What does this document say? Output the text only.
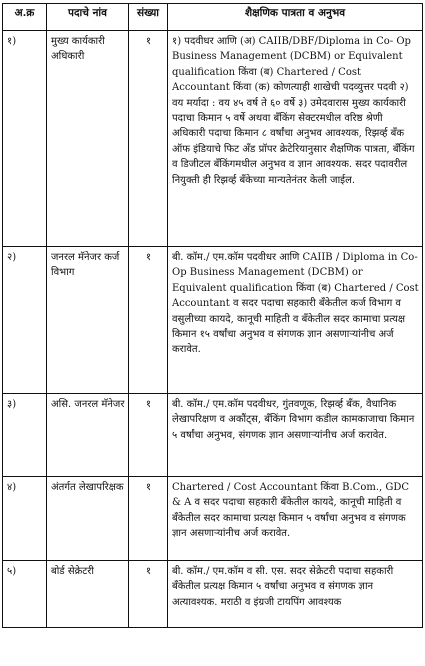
अ.क्र	पदाचे नांव	संख्या	शैक्षणिक पात्रता व अनुभव
१)	मुख्य कार्यकारी अधिकारी	१	१) पदवीधर आणि (अ) CAIIB/DBF/Diploma in Co- Op Business Management (DCBM) or Equivalent qualification किंवा (ब) Chartered / Cost Accountant किंवा (क) कोणत्याही शाखेची पदव्युत्तर पदवी २) वय मर्यादा : वय ४५ वर्ष ते ६० वर्षे ३) उमेदवारास मुख्य कार्यकारी पदाचा किमान ५ वर्षे अथवा बँकिंग सेक्टरमधील वरिष्ठ श्रेणी अधिकारी पदाचा किमान ८ वर्षांचा अनुभव आवश्यक, रिझर्व्ह बँक ऑफ इंडियाचे फिट अँड प्रॉपर क्रेटेरियानुसार शैक्षणिक पात्रता, बँकिंग व डिजीटल बँकिंगमधील अनुभव व ज्ञान आवश्यक. सदर पदावरील नियुक्ती ही रिझर्व्ह बँकेच्या मान्यतेनंतर केली जाईल.
२)	जनरल मॅनेजर कर्ज विभाग	१	बी. कॉम./ एम.कॉम पदवीधर आणि CAIIB / Diploma in Co-Op Business Management (DCBM) or Equivalent qualification किंवा (ब) Chartered / Cost Accountant व सदर पदाचा सहकारी बँकेतील कर्ज विभाग व वसुलीच्या कायदे, कानूची माहिती व बँकेतील सदर कामाचा प्रत्यक्ष किमान १५ वर्षांचा अनुभव व संगणक ज्ञान असणाऱ्यांनीच अर्ज करावेत.
३)	असि. जनरल मॅनेजर	१	बी. कॉम./ एम.कॉम पदवीधर, गुंतवणूक, रिझर्व्ह बँक, वैधानिक लेखापरिक्षण व अकौंट्स, बँकिंग विभाग कडील कामकाजाचा किमान ५ वर्षांचा अनुभव, संगणक ज्ञान असणाऱ्यांनीच अर्ज करावेत.
४)	अंतर्गत लेखापरिक्षक	१	Chartered / Cost Accountant किंवा B.Com., GDC & A व सदर पदाचा सहकारी बँकेतील कायदे, कानूची माहिती व बँकेतील सदर कामाचा प्रत्यक्ष किमान ५ वर्षांचा अनुभव व संगणक ज्ञान असणाऱ्यांनीच अर्ज करावेत.
५)	बोर्ड सेक्रेटरी	१	बी. कॉम./ एम.कॉम व सी. एस. सदर सेक्रेटरी पदाचा सहकारी बँकेतील प्रत्यक्ष किमान ५ वर्षांचा अनुभव व संगणक ज्ञान अत्यावश्यक. मराठी व इंग्रजी टायपिंग आवश्यक
